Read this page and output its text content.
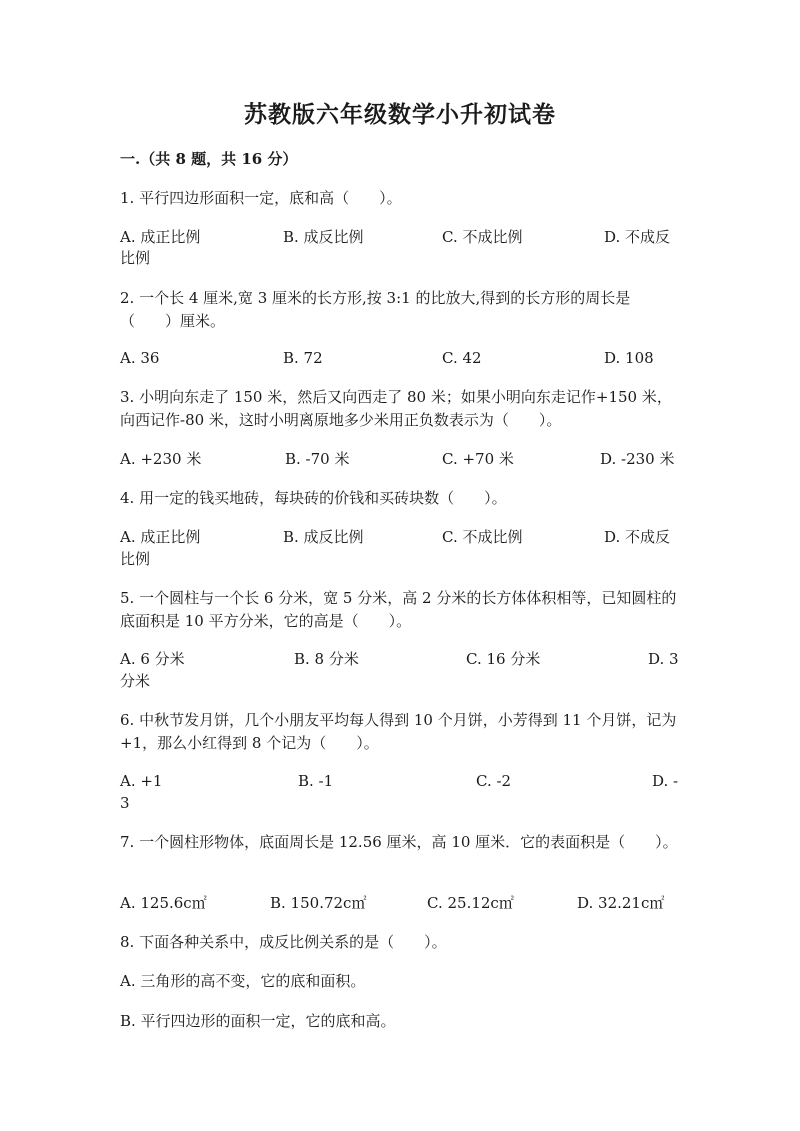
苏教版六年级数学小升初试卷
一.（共 8 题，共 16 分）
1. 平行四边形面积一定，底和高（　　）。
A. 成正比例	B. 成反比例	C. 不成比例	D. 不成反
比例
2. 一个长 4 厘米,宽 3 厘米的长方形,按 3:1 的比放大,得到的长方形的周长是（　　）厘米。
A. 36	B. 72	C. 42	D. 108
3. 小明向东走了 150 米，然后又向西走了 80 米；如果小明向东走记作+150 米，向西记作-80 米，这时小明离原地多少米用正负数表示为（　　）。
A. +230 米	B. -70 米	C. +70 米	D. -230 米
4. 用一定的钱买地砖，每块砖的价钱和买砖块数（　　）。
A. 成正比例	B. 成反比例	C. 不成比例	D. 不成反
比例
5. 一个圆柱与一个长 6 分米，宽 5 分米，高 2 分米的长方体体积相等，已知圆柱的底面积是 10 平方分米，它的高是（　　）。
A. 6 分米	B. 8 分米	C. 16 分米	D. 3
分米
6. 中秋节发月饼，几个小朋友平均每人得到 10 个月饼，小芳得到 11 个月饼，记为+1，那么小红得到 8 个记为（　　）。
A. +1	B. -1	C. -2	D. -
3
7. 一个圆柱形物体，底面周长是 12.56 厘米，高 10 厘米．它的表面积是（　　）。
A. 125.6c㎡	B. 150.72c㎡	C. 25.12c㎡	D. 32.21c㎡
8. 下面各种关系中，成反比例关系的是（　　）。
A. 三角形的高不变，它的底和面积。
B. 平行四边形的面积一定，它的底和高。
